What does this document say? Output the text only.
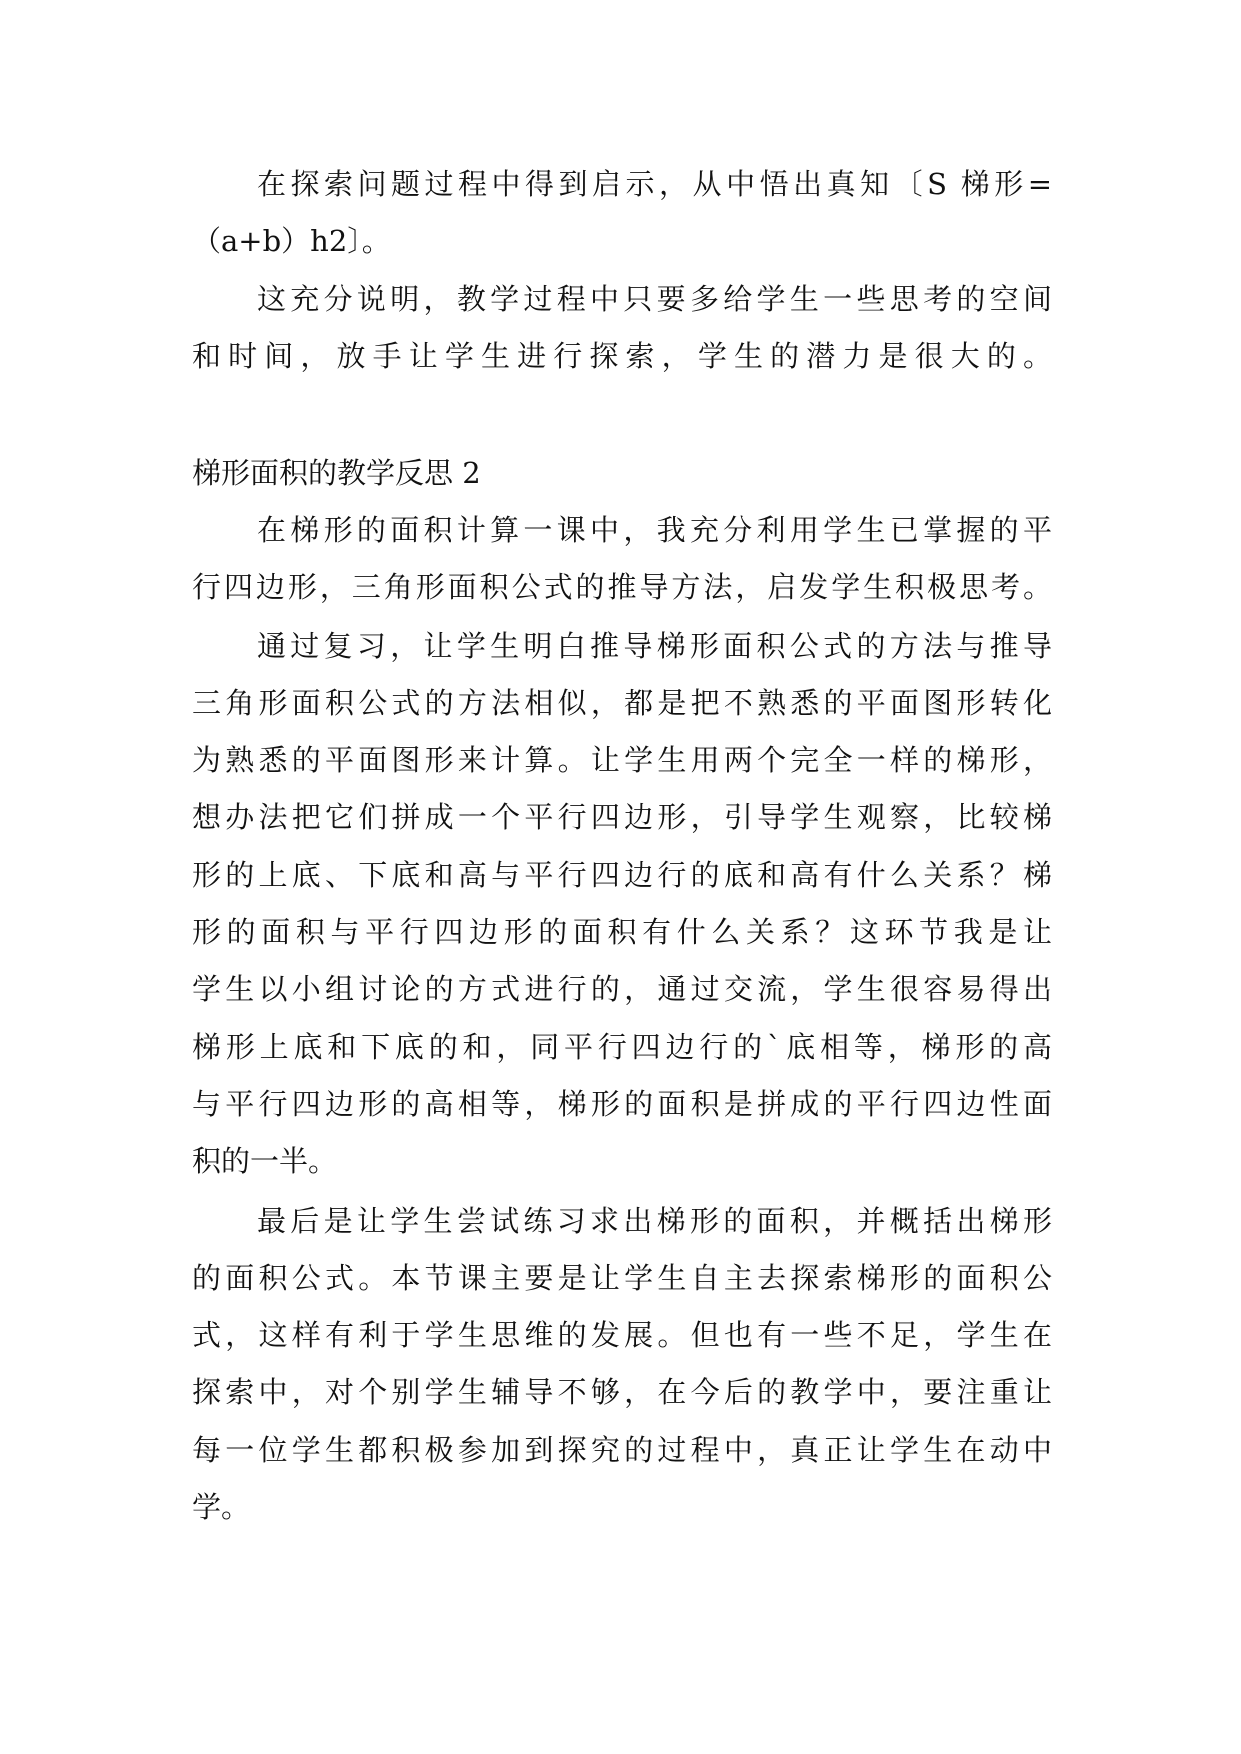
在探索问题过程中得到启示，从中悟出真知〔S 梯形=
（a+b）h2〕。
这充分说明，教学过程中只要多给学生一些思考的空间
和时间，放手让学生进行探索，学生的潜力是很大的。
梯形面积的教学反思 2
在梯形的面积计算一课中，我充分利用学生已掌握的平
行四边形，三角形面积公式的推导方法，启发学生积极思考。
通过复习，让学生明白推导梯形面积公式的方法与推导
三角形面积公式的方法相似，都是把不熟悉的平面图形转化
为熟悉的平面图形来计算。让学生用两个完全一样的梯形，
想办法把它们拼成一个平行四边形，引导学生观察，比较梯
形的上底、下底和高与平行四边行的底和高有什么关系？梯
形的面积与平行四边形的面积有什么关系？这环节我是让
学生以小组讨论的方式进行的，通过交流，学生很容易得出
梯形上底和下底的和，同平行四边行的`底相等，梯形的高
与平行四边形的高相等，梯形的面积是拼成的平行四边性面
积的一半。
最后是让学生尝试练习求出梯形的面积，并概括出梯形
的面积公式。本节课主要是让学生自主去探索梯形的面积公
式，这样有利于学生思维的发展。但也有一些不足，学生在
探索中，对个别学生辅导不够，在今后的教学中，要注重让
每一位学生都积极参加到探究的过程中，真正让学生在动中
学。
